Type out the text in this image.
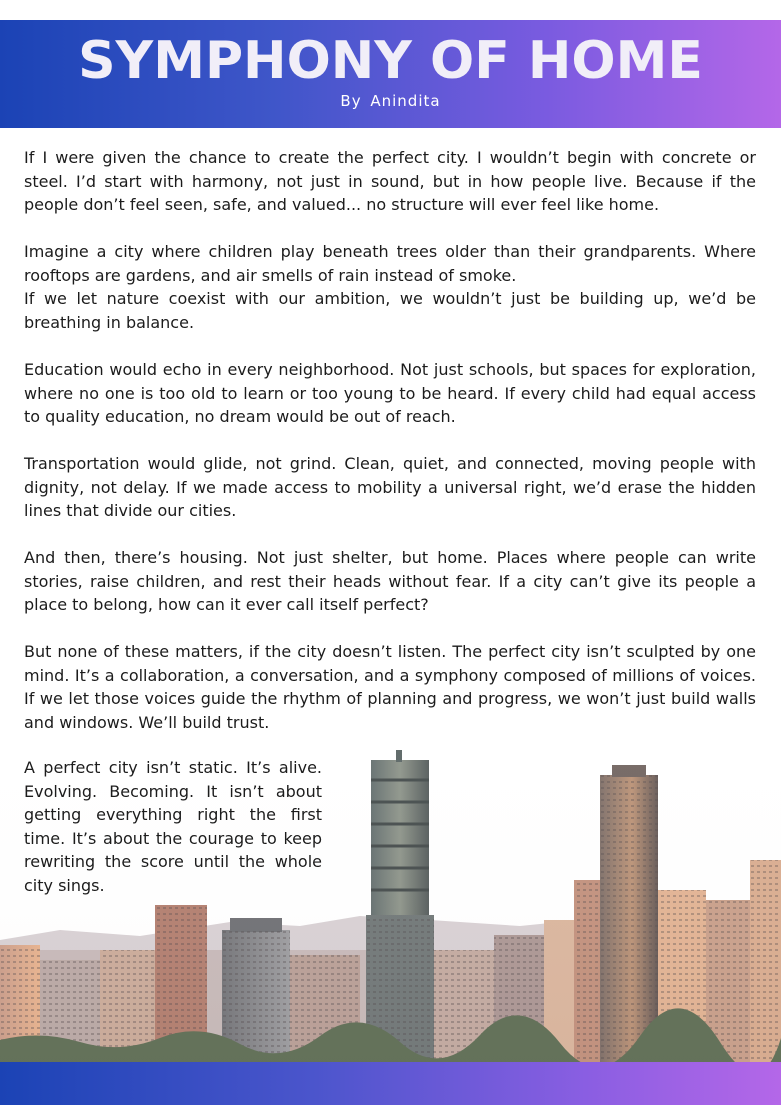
SYMPHONY OF HOME
By Anindita

If I were given the chance to create the perfect city. I wouldn’t begin with concrete or steel. I’d start with harmony, not just in sound, but in how people live. Because if the people don’t feel seen, safe, and valued... no structure will ever feel like home.

Imagine a city where children play beneath trees older than their grandparents. Where rooftops are gardens, and air smells of rain instead of smoke.
If we let nature coexist with our ambition, we wouldn’t just be building up, we’d be breathing in balance.

Education would echo in every neighborhood. Not just schools, but spaces for exploration, where no one is too old to learn or too young to be heard. If every child had equal access to quality education, no dream would be out of reach.

Transportation would glide, not grind. Clean, quiet, and connected, moving people with dignity, not delay. If we made access to mobility a universal right, we’d erase the hidden lines that divide our cities.

And then, there’s housing. Not just shelter, but home. Places where people can write stories, raise children, and rest their heads without fear. If a city can’t give its people a place to belong, how can it ever call itself perfect?

But none of these matters, if the city doesn’t listen. The perfect city isn’t sculpted by one mind. It’s a collaboration, a conversation, and a symphony composed of millions of voices. If we let those voices guide the rhythm of planning and progress, we won’t just build walls and windows. We’ll build trust.

A perfect city isn’t static. It’s alive. Evolving. Becoming. It isn’t about getting everything right the first time. It’s about the courage to keep rewriting the score until the whole city sings.
